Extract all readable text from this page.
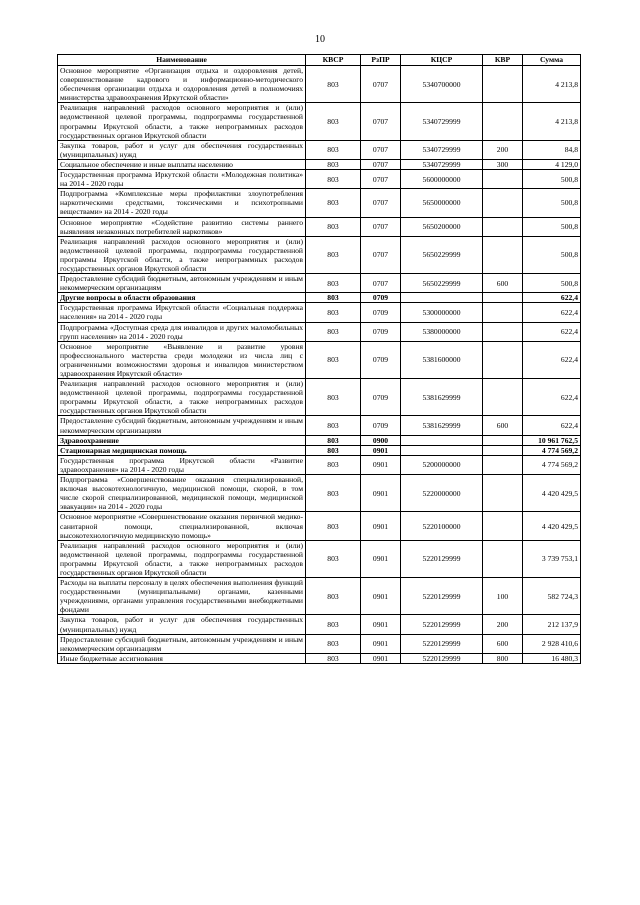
10
Наименование	КВСР	РзПР	КЦСР	КВР	Сумма
Основное мероприятие «Организация отдыха и оздоровления детей, совершенствование кадрового и информационно-методического обеспечения организации отдыха и оздоровления детей в полномочиях министерства здравоохранения Иркутской области»	803	0707	5340700000		4 213,8
Реализация направлений расходов основного мероприятия и (или) ведомственной целевой программы, подпрограммы государственной программы Иркутской области, а также непрограммных расходов государственных органов Иркутской области	803	0707	5340729999		4 213,8
Закупка товаров, работ и услуг для обеспечения государственных (муниципальных) нужд	803	0707	5340729999	200	84,8
Социальное обеспечение и иные выплаты населению	803	0707	5340729999	300	4 129,0
Государственная программа Иркутской области «Молодежная политика» на 2014 - 2020 годы	803	0707	5600000000		500,8
Подпрограмма «Комплексные меры профилактики злоупотребления наркотическими средствами, токсическими и психотропными веществами» на 2014 - 2020 годы	803	0707	5650000000		500,8
Основное мероприятие «Содействие развитию системы раннего выявления незаконных потребителей наркотиков»	803	0707	5650200000		500,8
Реализация направлений расходов основного мероприятия и (или) ведомственной целевой программы, подпрограммы государственной программы Иркутской области, а также непрограммных расходов государственных органов Иркутской области	803	0707	5650229999		500,8
Предоставление субсидий бюджетным, автономным учреждениям и иным некоммерческим организациям	803	0707	5650229999	600	500,8
Другие вопросы в области образования	803	0709			622,4
Государственная программа Иркутской области «Социальная поддержка населения» на 2014 - 2020 годы	803	0709	5300000000		622,4
Подпрограмма «Доступная среда для инвалидов и других маломобильных групп населения» на 2014 - 2020 годы	803	0709	5380000000		622,4
Основное мероприятие «Выявление и развитие уровня профессионального мастерства среди молодежи из числа лиц с ограниченными возможностями здоровья и инвалидов министерством здравоохранения Иркутской области»	803	0709	5381600000		622,4
Реализация направлений расходов основного мероприятия и (или) ведомственной целевой программы, подпрограммы государственной программы Иркутской области, а также непрограммных расходов государственных органов Иркутской области	803	0709	5381629999		622,4
Предоставление субсидий бюджетным, автономным учреждениям и иным некоммерческим организациям	803	0709	5381629999	600	622,4
Здравоохранение	803	0900			10 961 762,5
Стационарная медицинская помощь	803	0901			4 774 569,2
Государственная программа Иркутской области «Развитие здравоохранения» на 2014 - 2020 годы	803	0901	5200000000		4 774 569,2
Подпрограмма «Совершенствование оказания специализированной, включая высокотехнологичную, медицинской помощи, скорой, в том числе скорой специализированной, медицинской помощи, медицинской эвакуации» на 2014 - 2020 годы	803	0901	5220000000		4 420 429,5
Основное мероприятие «Совершенствование оказания первичной медико-санитарной помощи, специализированной, включая высокотехнологичную медицинскую помощь»	803	0901	5220100000		4 420 429,5
Реализация направлений расходов основного мероприятия и (или) ведомственной целевой программы, подпрограммы государственной программы Иркутской области, а также непрограммных расходов государственных органов Иркутской области	803	0901	5220129999		3 739 753,1
Расходы на выплаты персоналу в целях обеспечения выполнения функций государственными (муниципальными) органами, казенными учреждениями, органами управления государственными внебюджетными фондами	803	0901	5220129999	100	582 724,3
Закупка товаров, работ и услуг для обеспечения государственных (муниципальных) нужд	803	0901	5220129999	200	212 137,9
Предоставление субсидий бюджетным, автономным учреждениям и иным некоммерческим организациям	803	0901	5220129999	600	2 928 410,6
Иные бюджетные ассигнования	803	0901	5220129999	800	16 480,3
